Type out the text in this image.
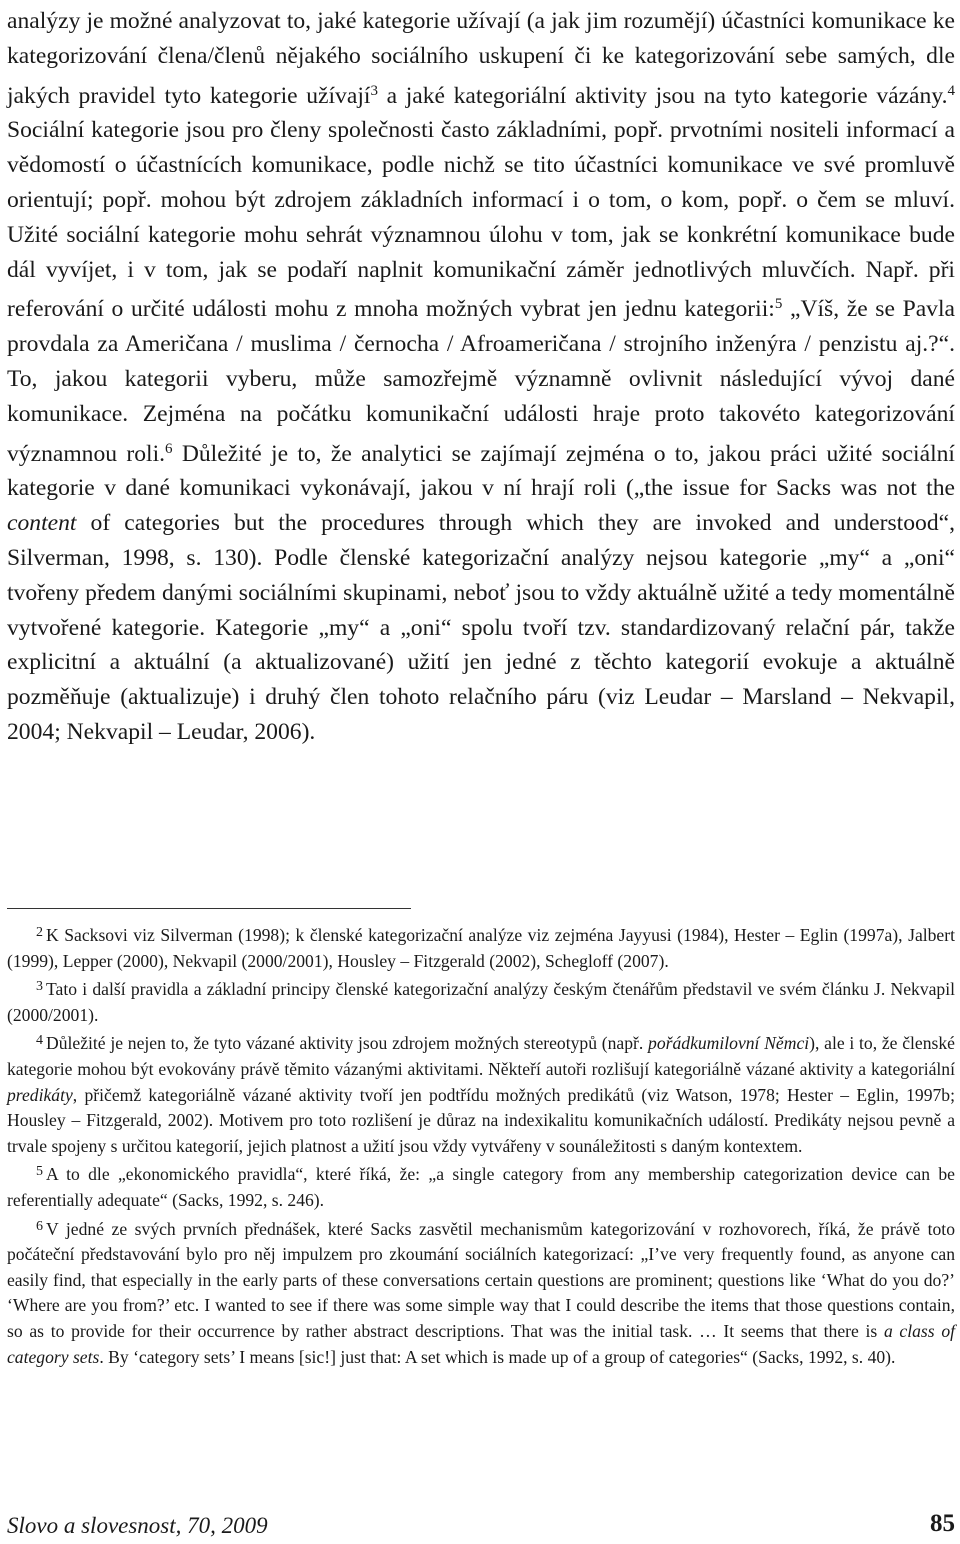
analýzy je možné analyzovat to, jaké kategorie užívají (a jak jim rozumějí) účastníci komunikace ke kategorizování člena/členů nějakého sociálního uskupení či ke kategorizování sebe samých, dle jakých pravidel tyto kategorie užívají$^3$ a jaké kategoriální aktivity jsou na tyto kategorie vázány.$^4$ Sociální kategorie jsou pro členy společnosti často základními, popř. prvotními nositeli informací a vědomostí o účastnících komunikace, podle nichž se tito účastníci komunikace ve své promluvě orientují; popř. mohou být zdrojem základních informací i o tom, o kom, popř. o čem se mluví. Užité sociální kategorie mohu sehrát významnou úlohu v tom, jak se konkrétní komunikace bude dál vyvíjet, i v tom, jak se podaří naplnit komunikační záměr jednotlivých mluvčích. Např. při referování o určité události mohu z mnoha možných vybrat jen jednu kategorii:$^5$ „Víš, že se Pavla provdala za Američana / muslima / černocha / Afroameričana / strojního inženýra / penzistu aj.?“. To, jakou kategorii vyberu, může samozřejmě významně ovlivnit následující vývoj dané komunikace. Zejména na počátku komunikační události hraje proto takovéto kategorizování významnou roli.$^6$ Důležité je to, že analytici se zajímají zejména o to, jakou práci užité sociální kategorie v dané komunikaci vykonávají, jakou v ní hrají roli („the issue for Sacks was not the content of categories but the procedures through which they are invoked and understood“, Silverman, 1998, s. 130). Podle členské kategorizační analýzy nejsou kategorie „my“ a „oni“ tvořeny předem danými sociálními skupinami, neboť jsou to vždy aktuálně užité a tedy momentálně vytvořené kategorie. Kategorie „my“ a „oni“ spolu tvoří tzv. standardizovaný relační pár, takže explicitní a aktuální (a aktualizované) užití jen jedné z těchto kategorií evokuje a aktuálně pozměňuje (aktualizuje) i druhý člen tohoto relačního páru (viz Leudar – Marsland – Nekvapil, 2004; Nekvapil – Leudar, 2006).

$^2$ K Sacksovi viz Silverman (1998); k členské kategorizační analýze viz zejména Jayyusi (1984), Hester – Eglin (1997a), Jalbert (1999), Lepper (2000), Nekvapil (2000/2001), Housley – Fitzgerald (2002), Schegloff (2007).

$^3$ Tato i další pravidla a základní principy členské kategorizační analýzy českým čtenářům představil ve svém článku J. Nekvapil (2000/2001).

$^4$ Důležité je nejen to, že tyto vázané aktivity jsou zdrojem možných stereotypů (např. pořádkumilovní Němci), ale i to, že členské kategorie mohou být evokovány právě těmito vázanými aktivitami. Někteří autoři rozlišují kategoriálně vázané aktivity a kategoriální predikáty, přičemž kategoriálně vázané aktivity tvoří jen podtřídu možných predikátů (viz Watson, 1978; Hester – Eglin, 1997b; Housley – Fitzgerald, 2002). Motivem pro toto rozlišení je důraz na indexikalitu komunikačních událostí. Predikáty nejsou pevně a trvale spojeny s určitou kategorií, jejich platnost a užití jsou vždy vytvářeny v sounáležitosti s daným kontextem.

$^5$ A to dle „ekonomického pravidla“, které říká, že: „a single category from any membership categorization device can be referentially adequate“ (Sacks, 1992, s. 246).

$^6$ V jedné ze svých prvních přednášek, které Sacks zasvětil mechanismům kategorizování v rozhovorech, říká, že právě toto počáteční představování bylo pro něj impulzem pro zkoumání sociálních kategorizací: „I’ve very frequently found, as anyone can easily find, that especially in the early parts of these conversations certain questions are prominent; questions like ‘What do you do?’ ‘Where are you from?’ etc. I wanted to see if there was some simple way that I could describe the items that those questions contain, so as to provide for their occurrence by rather abstract descriptions. That was the initial task. … It seems that there is a class of category sets. By ‘category sets’ I means [sic!] just that: A set which is made up of a group of categories“ (Sacks, 1992, s. 40).

Slovo a slovesnost, 70, 2009	85
